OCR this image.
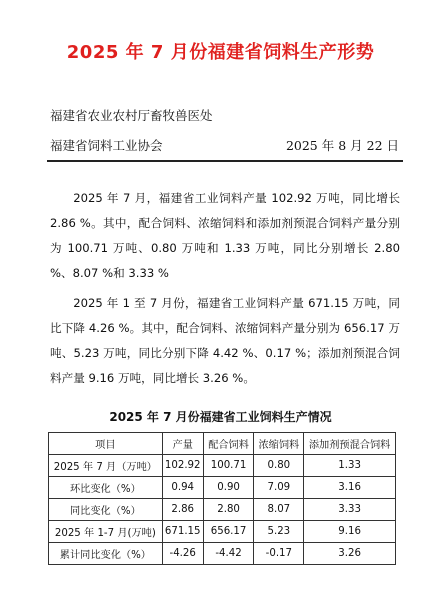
2025 年 7 月份福建省饲料生产形势
福建省农业农村厅畜牧兽医处
福建省饲料工业协会	2025 年 8 月 22 日

2025 年 7 月，福建省工业饲料产量 102.92 万吨，同比增长 2.86 %。其中，配合饲料、浓缩饲料和添加剂预混合饲料产量分别为 100.71 万吨、0.80 万吨和 1.33 万吨，同比分别增长 2.80 %、8.07 %和 3.33 %

2025 年 1 至 7 月份，福建省工业饲料产量 671.15 万吨，同比下降 4.26 %。其中，配合饲料、浓缩饲料产量分别为 656.17 万吨、5.23 万吨，同比分别下降 4.42 %、0.17 %；添加剂预混合饲料产量 9.16 万吨，同比增长 3.26 %。

2025 年 7 月份福建省工业饲料生产情况
项目	产量	配合饲料	浓缩饲料	添加剂预混合饲料
2025 年 7 月（万吨）	102.92	100.71	0.80	1.33
环比变化（%）	0.94	0.90	7.09	3.16
同比变化（%）	2.86	2.80	8.07	3.33
2025 年 1-7 月(万吨)	671.15	656.17	5.23	9.16
累计同比变化（%）	-4.26	-4.42	-0.17	3.26
